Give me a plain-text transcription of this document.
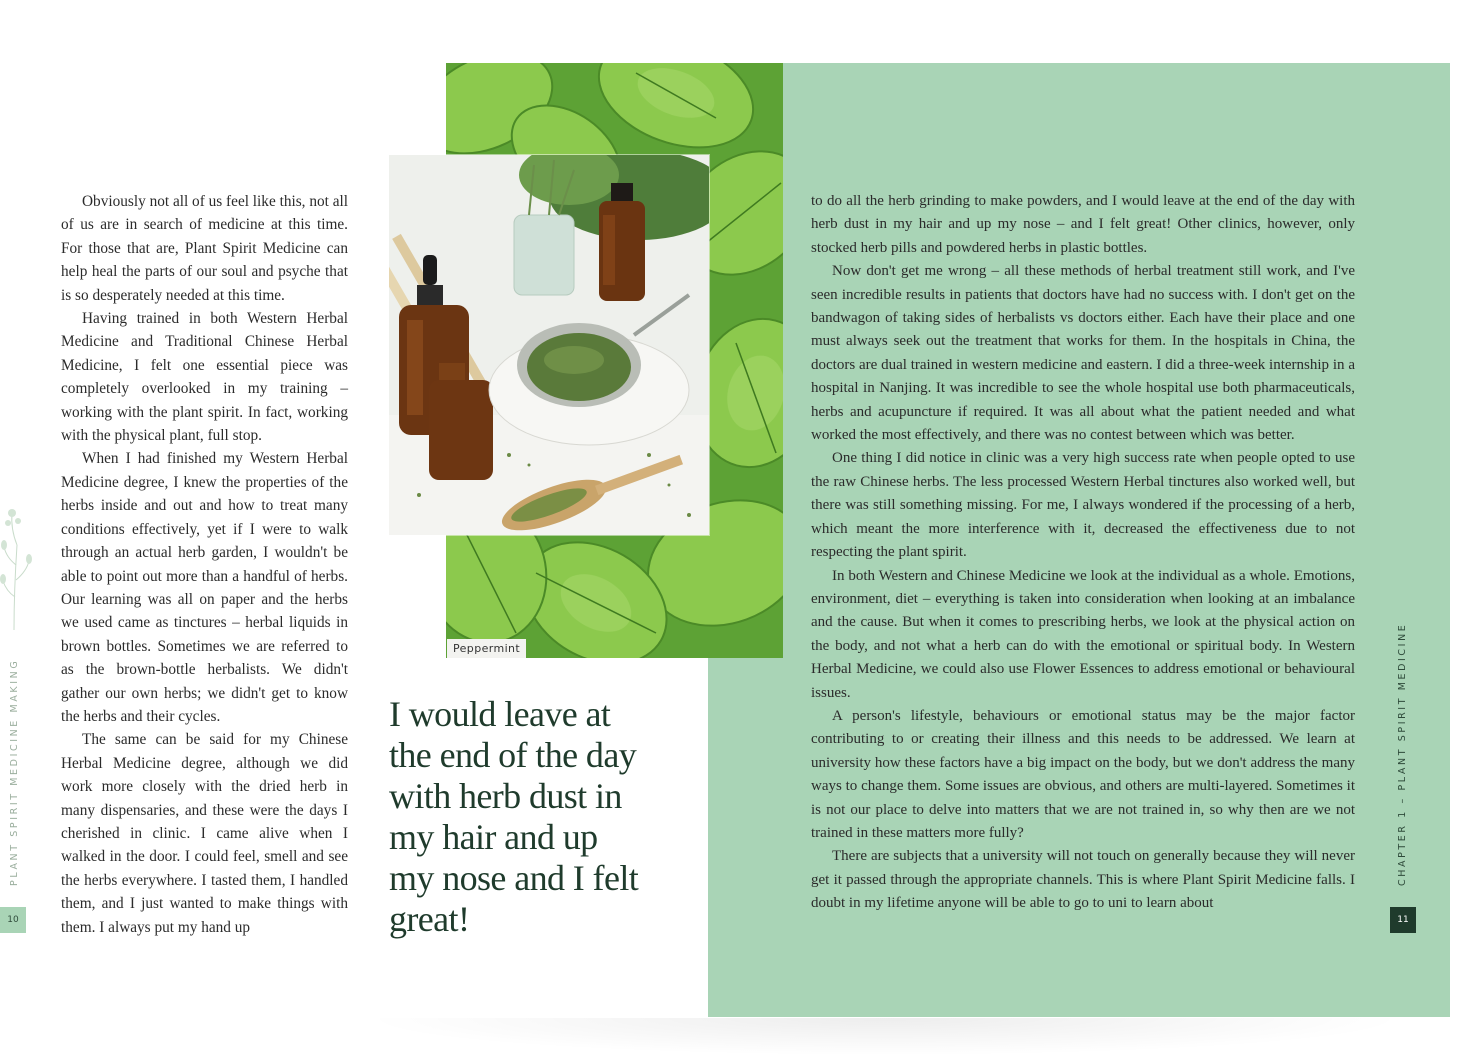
Obviously not all of us feel like this, not all of us are in search of medicine at this time. For those that are, Plant Spirit Medicine can help heal the parts of our soul and psyche that is so desperately needed at this time.

Having trained in both Western Herbal Medicine and Traditional Chinese Herbal Medicine, I felt one essential piece was completely overlooked in my training – working with the plant spirit. In fact, working with the physical plant, full stop.

When I had finished my Western Herbal Medicine degree, I knew the properties of the herbs inside and out and how to treat many conditions effectively, yet if I were to walk through an actual herb garden, I wouldn't be able to point out more than a handful of herbs. Our learning was all on paper and the herbs we used came as tinctures – herbal liquids in brown bottles. Sometimes we are referred to as the brown-bottle herbalists. We didn't gather our own herbs; we didn't get to know the herbs and their cycles.

The same can be said for my Chinese Herbal Medicine degree, although we did work more closely with the dried herb in many dispensaries, and these were the days I cherished in clinic. I came alive when I walked in the door. I could feel, smell and see the herbs everywhere. I tasted them, I handled them, and I just wanted to make things with them. I always put my hand up

PLANT SPIRIT MEDICINE MAKING
10
Peppermint
I would leave at the end of the day with herb dust in my hair and up my nose and I felt great!

to do all the herb grinding to make powders, and I would leave at the end of the day with herb dust in my hair and up my nose – and I felt great! Other clinics, however, only stocked herb pills and powdered herbs in plastic bottles.

Now don't get me wrong – all these methods of herbal treatment still work, and I've seen incredible results in patients that doctors have had no success with. I don't get on the bandwagon of taking sides of herbalists vs doctors either. Each have their place and one must always seek out the treatment that works for them. In the hospitals in China, the doctors are dual trained in western medicine and eastern. I did a three-week internship in a hospital in Nanjing. It was incredible to see the whole hospital use both pharmaceuticals, herbs and acupuncture if required. It was all about what the patient needed and what worked the most effectively, and there was no contest between which was better.

One thing I did notice in clinic was a very high success rate when people opted to use the raw Chinese herbs. The less processed Western Herbal tinctures also worked well, but there was still something missing. For me, I always wondered if the processing of a herb, which meant the more interference with it, decreased the effectiveness due to not respecting the plant spirit.

In both Western and Chinese Medicine we look at the individual as a whole. Emotions, environment, diet – everything is taken into consideration when looking at an imbalance and the cause. But when it comes to prescribing herbs, we look at the physical action on the body, and not what a herb can do with the emotional or spiritual body. In Western Herbal Medicine, we could also use Flower Essences to address emotional or behavioural issues.

A person's lifestyle, behaviours or emotional status may be the major factor contributing to or creating their illness and this needs to be addressed. We learn at university how these factors have a big impact on the body, but we don't address the many ways to change them. Some issues are obvious, and others are multi-layered. Sometimes it is not our place to delve into matters that we are not trained in, so why then are we not trained in these matters more fully?

There are subjects that a university will not touch on generally because they will never get it passed through the appropriate channels. This is where Plant Spirit Medicine falls. I doubt in my lifetime anyone will be able to go to uni to learn about

CHAPTER 1 – PLANT SPIRIT MEDICINE
11
